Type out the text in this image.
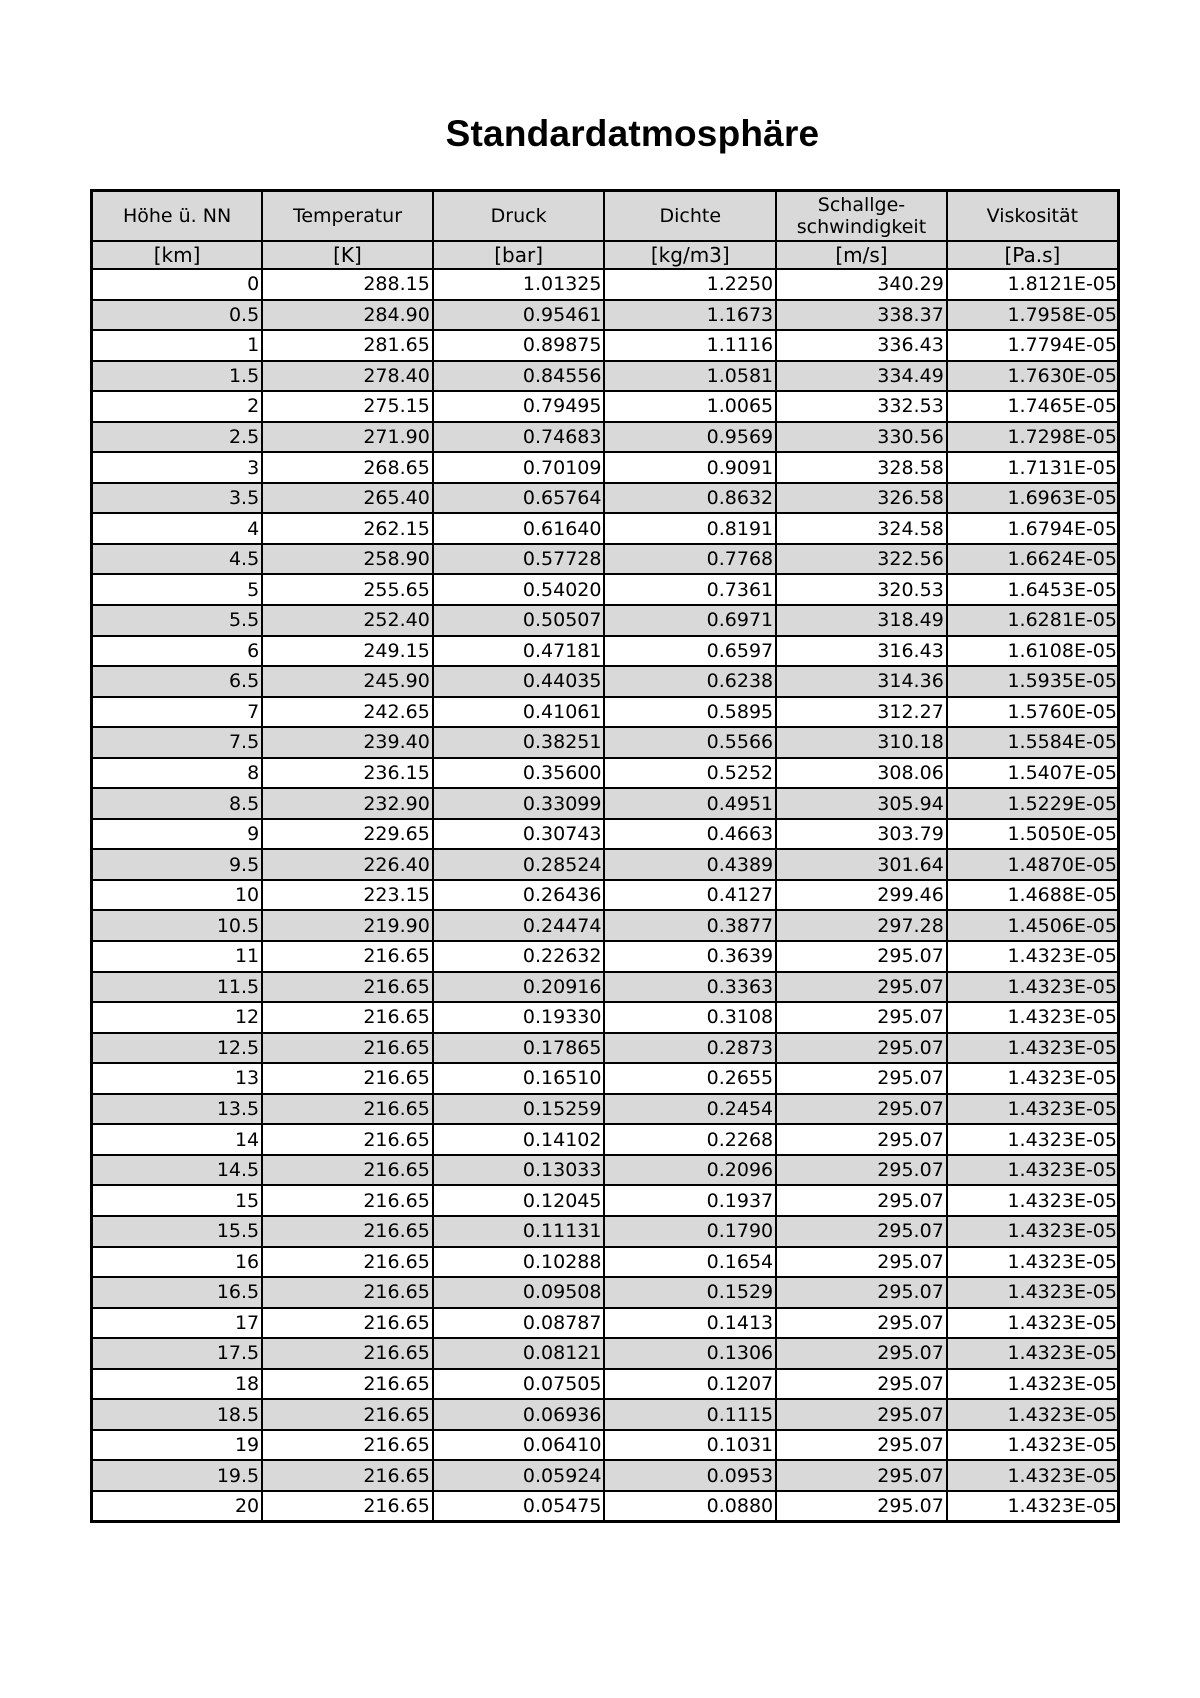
Standardatmosphäre
Höhe ü. NN	Temperatur	Druck	Dichte	Schallge-
schwindigkeit	Viskosität
[km]	[K]	[bar]	[kg/m3]	[m/s]	[Pa.s]
0	288.15	1.01325	1.2250	340.29	1.8121E-05
0.5	284.90	0.95461	1.1673	338.37	1.7958E-05
1	281.65	0.89875	1.1116	336.43	1.7794E-05
1.5	278.40	0.84556	1.0581	334.49	1.7630E-05
2	275.15	0.79495	1.0065	332.53	1.7465E-05
2.5	271.90	0.74683	0.9569	330.56	1.7298E-05
3	268.65	0.70109	0.9091	328.58	1.7131E-05
3.5	265.40	0.65764	0.8632	326.58	1.6963E-05
4	262.15	0.61640	0.8191	324.58	1.6794E-05
4.5	258.90	0.57728	0.7768	322.56	1.6624E-05
5	255.65	0.54020	0.7361	320.53	1.6453E-05
5.5	252.40	0.50507	0.6971	318.49	1.6281E-05
6	249.15	0.47181	0.6597	316.43	1.6108E-05
6.5	245.90	0.44035	0.6238	314.36	1.5935E-05
7	242.65	0.41061	0.5895	312.27	1.5760E-05
7.5	239.40	0.38251	0.5566	310.18	1.5584E-05
8	236.15	0.35600	0.5252	308.06	1.5407E-05
8.5	232.90	0.33099	0.4951	305.94	1.5229E-05
9	229.65	0.30743	0.4663	303.79	1.5050E-05
9.5	226.40	0.28524	0.4389	301.64	1.4870E-05
10	223.15	0.26436	0.4127	299.46	1.4688E-05
10.5	219.90	0.24474	0.3877	297.28	1.4506E-05
11	216.65	0.22632	0.3639	295.07	1.4323E-05
11.5	216.65	0.20916	0.3363	295.07	1.4323E-05
12	216.65	0.19330	0.3108	295.07	1.4323E-05
12.5	216.65	0.17865	0.2873	295.07	1.4323E-05
13	216.65	0.16510	0.2655	295.07	1.4323E-05
13.5	216.65	0.15259	0.2454	295.07	1.4323E-05
14	216.65	0.14102	0.2268	295.07	1.4323E-05
14.5	216.65	0.13033	0.2096	295.07	1.4323E-05
15	216.65	0.12045	0.1937	295.07	1.4323E-05
15.5	216.65	0.11131	0.1790	295.07	1.4323E-05
16	216.65	0.10288	0.1654	295.07	1.4323E-05
16.5	216.65	0.09508	0.1529	295.07	1.4323E-05
17	216.65	0.08787	0.1413	295.07	1.4323E-05
17.5	216.65	0.08121	0.1306	295.07	1.4323E-05
18	216.65	0.07505	0.1207	295.07	1.4323E-05
18.5	216.65	0.06936	0.1115	295.07	1.4323E-05
19	216.65	0.06410	0.1031	295.07	1.4323E-05
19.5	216.65	0.05924	0.0953	295.07	1.4323E-05
20	216.65	0.05475	0.0880	295.07	1.4323E-05
